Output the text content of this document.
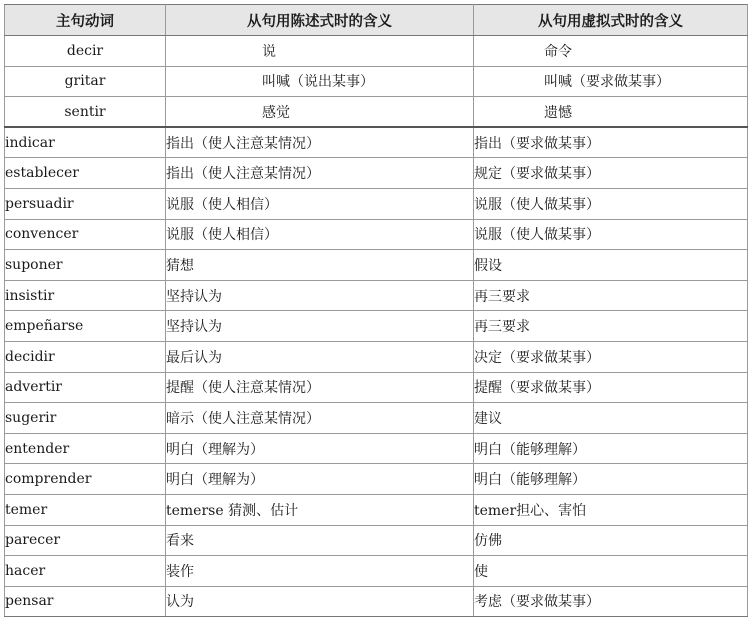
主句动词	从句用陈述式时的含义	从句用虚拟式时的含义
decir	说	命令
gritar	叫喊（说出某事）	叫喊（要求做某事）
sentir	感觉	遗憾
indicar	指出（使人注意某情况）	指出（要求做某事）
establecer	指出（使人注意某情况）	规定（要求做某事）
persuadir	说服（使人相信）	说服（使人做某事）
convencer	说服（使人相信）	说服（使人做某事）
suponer	猜想	假设
insistir	坚持认为	再三要求
empeñarse	坚持认为	再三要求
decidir	最后认为	决定（要求做某事）
advertir	提醒（使人注意某情况）	提醒（要求做某事）
sugerir	暗示（使人注意某情况）	建议
entender	明白（理解为）	明白（能够理解）
comprender	明白（理解为）	明白（能够理解）
temer	temerse 猜测、估计	temer担心、害怕
parecer	看来	仿佛
hacer	装作	使
pensar	认为	考虑（要求做某事）
